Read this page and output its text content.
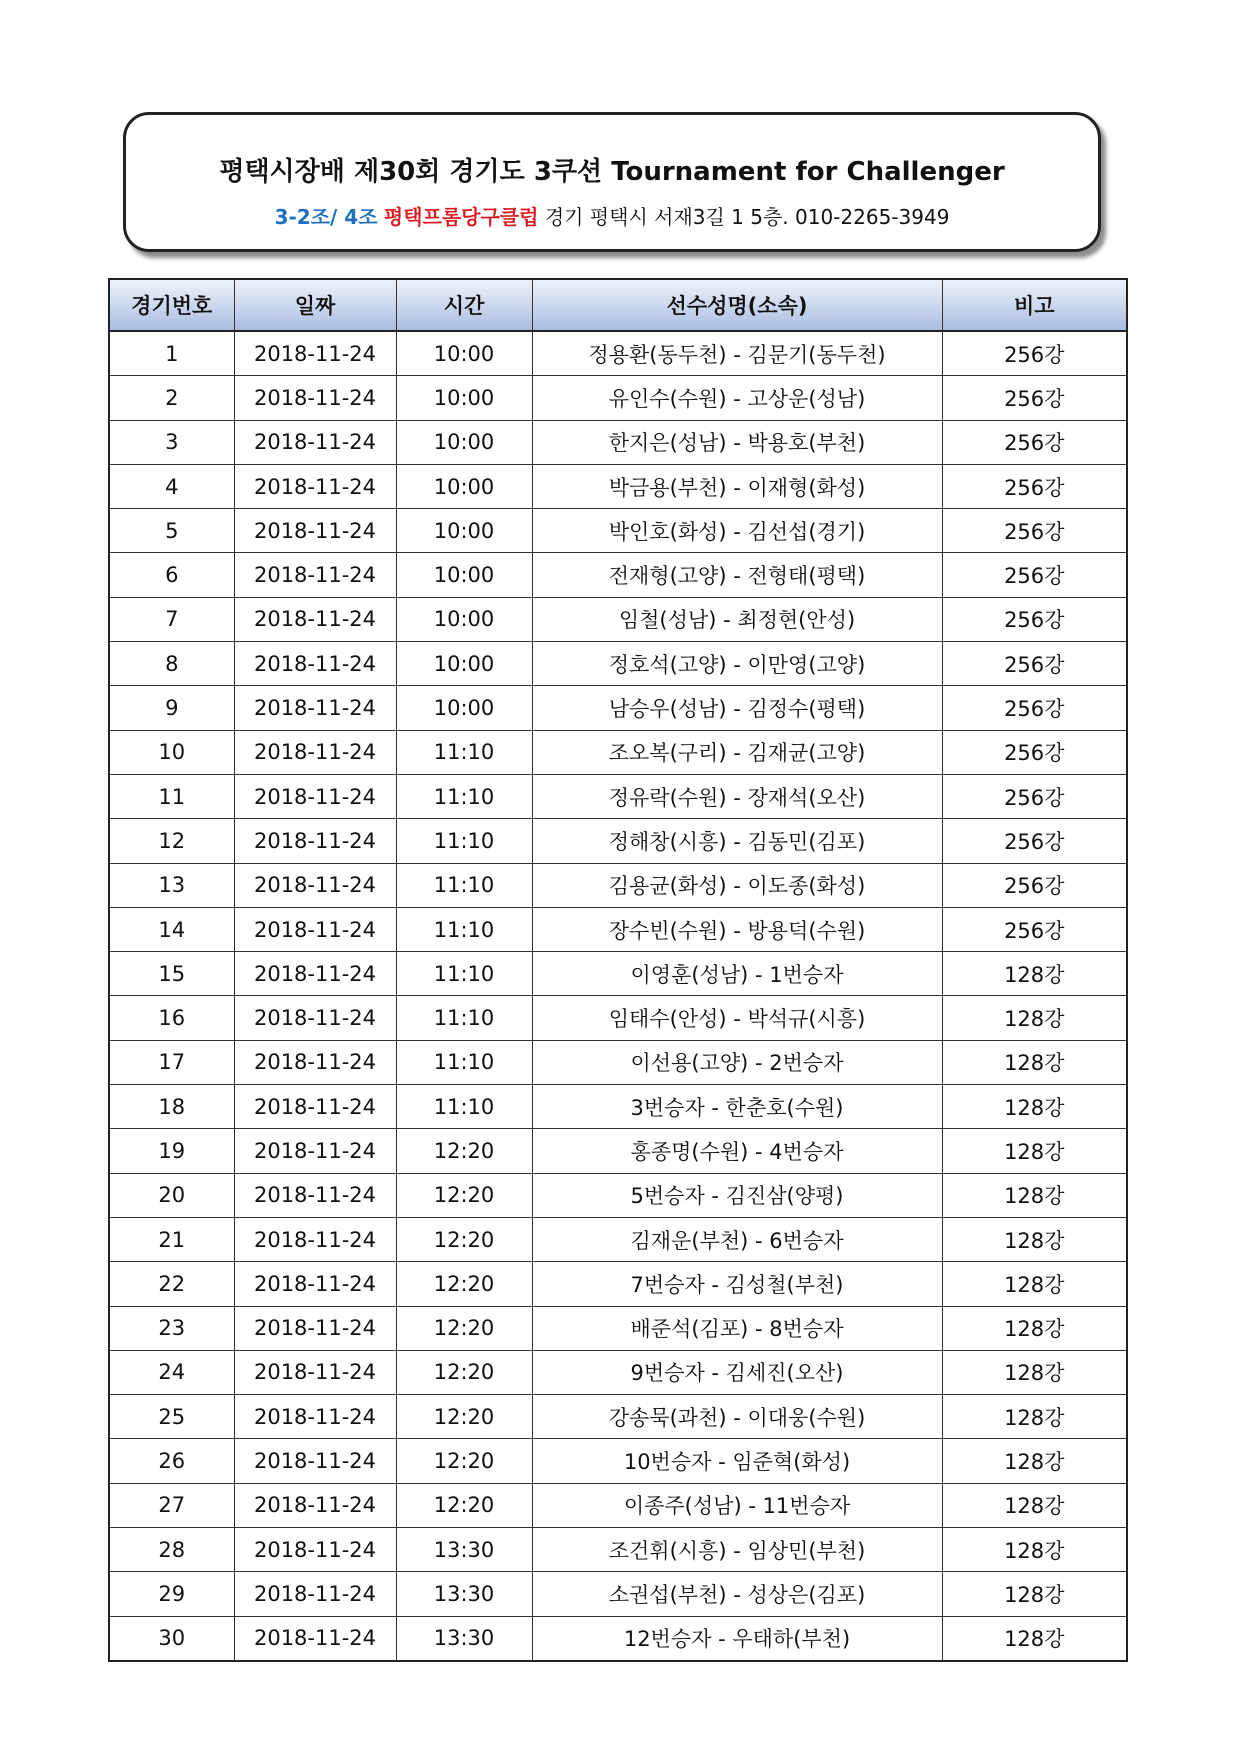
평택시장배 제30회 경기도 3쿠션 Tournament for Challenger
3-2조/ 4조 평택프롬당구클럽 경기 평택시 서재3길 1 5층. 010-2265-3949
경기번호	일짜	시간	선수성명(소속)	비고
1	2018-11-24	10:00	정용환(동두천) - 김문기(동두천)	256강
2	2018-11-24	10:00	유인수(수원) - 고상운(성남)	256강
3	2018-11-24	10:00	한지은(성남) - 박용호(부천)	256강
4	2018-11-24	10:00	박금용(부천) - 이재형(화성)	256강
5	2018-11-24	10:00	박인호(화성) - 김선섭(경기)	256강
6	2018-11-24	10:00	전재형(고양) - 전형태(평택)	256강
7	2018-11-24	10:00	임철(성남) - 최정현(안성)	256강
8	2018-11-24	10:00	정호석(고양) - 이만영(고양)	256강
9	2018-11-24	10:00	남승우(성남) - 김정수(평택)	256강
10	2018-11-24	11:10	조오복(구리) - 김재균(고양)	256강
11	2018-11-24	11:10	정유락(수원) - 장재석(오산)	256강
12	2018-11-24	11:10	정해창(시흥) - 김동민(김포)	256강
13	2018-11-24	11:10	김용균(화성) - 이도종(화성)	256강
14	2018-11-24	11:10	장수빈(수원) - 방용덕(수원)	256강
15	2018-11-24	11:10	이영훈(성남) - 1번승자	128강
16	2018-11-24	11:10	임태수(안성) - 박석규(시흥)	128강
17	2018-11-24	11:10	이선용(고양) - 2번승자	128강
18	2018-11-24	11:10	3번승자 - 한춘호(수원)	128강
19	2018-11-24	12:20	홍종명(수원) - 4번승자	128강
20	2018-11-24	12:20	5번승자 - 김진삼(양평)	128강
21	2018-11-24	12:20	김재운(부천) - 6번승자	128강
22	2018-11-24	12:20	7번승자 - 김성철(부천)	128강
23	2018-11-24	12:20	배준석(김포) - 8번승자	128강
24	2018-11-24	12:20	9번승자 - 김세진(오산)	128강
25	2018-11-24	12:20	강송묵(과천) - 이대웅(수원)	128강
26	2018-11-24	12:20	10번승자 - 임준혁(화성)	128강
27	2018-11-24	12:20	이종주(성남) - 11번승자	128강
28	2018-11-24	13:30	조건휘(시흥) - 임상민(부천)	128강
29	2018-11-24	13:30	소권섭(부천) - 성상은(김포)	128강
30	2018-11-24	13:30	12번승자 - 우태하(부천)	128강
